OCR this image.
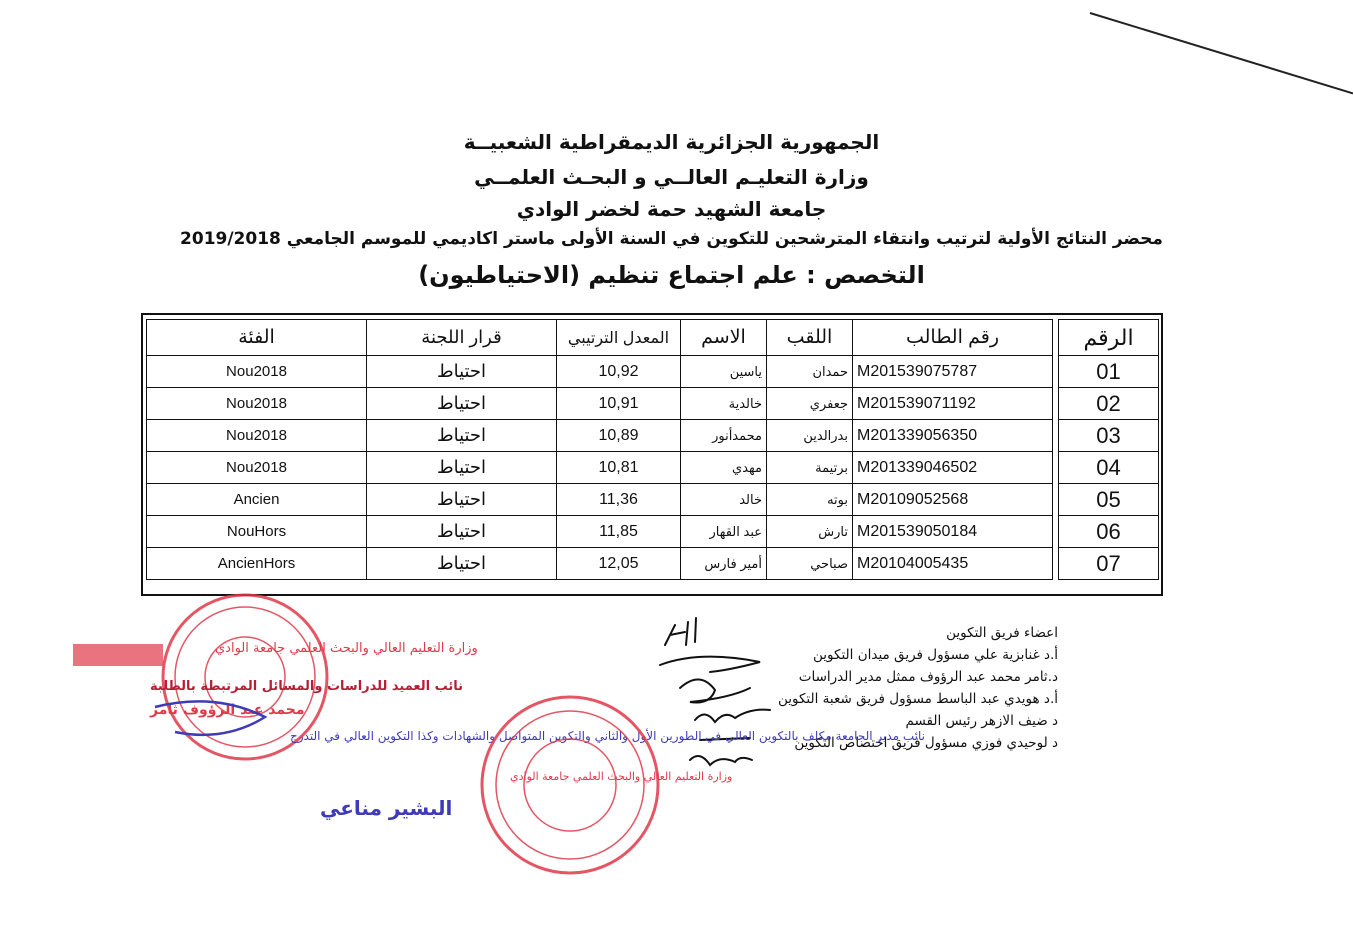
الجمهورية الجزائرية الديمقراطية الشعبيــة
وزارة التعليـم العالــي و البحـث العلمــي
جامعة الشهيد حمة لخضر الوادي
محضر النتائج الأولية لترتيب وانتقاء المترشحين للتكوين في السنة الأولى ماستر اكاديمي للموسم الجامعي 2019/2018
التخصص : علم اجتماع تنظيم (الاحتياطيون)
الفئة	قرار اللجنة	المعدل الترتيبي	الاسم	اللقب	رقم الطالب		الرقم
Nou2018	احتياط	10,92	ياسين	حمدان	M201539075787		01
Nou2018	احتياط	10,91	خالدية	جعفري	M201539071192		02
Nou2018	احتياط	10,89	محمدأنور	بدرالدين	M201339056350		03
Nou2018	احتياط	10,81	مهدي	برتيمة	M201339046502		04
Ancien	احتياط	11,36	خالد	بوته	M20109052568		05
NouHors	احتياط	11,85	عبد القهار	تارش	M201539050184		06
AncienHors	احتياط	12,05	أمير فارس	صباحي	M20104005435		07
اعضاء فريق التكوين
أ.د غنابزية علي مسؤول فريق ميدان التكوين
د.ثامر محمد عبد الرؤوف ممثل مدير الدراسات
أ.د هويدي عبد الباسط مسؤول فريق شعبة التكوين
د ضيف الازهر رئيس القسم
د لوحيدي فوزي مسؤول فريق اختصاص التكوين
وزارة التعليم العالي والبحث العلمي جامعة الوادي
نائب العميد للدراسات والمسائل المرتبطة بالطلبة
محمد عبد الرؤوف ثامر
نائب مدير الجامعة مكلف بالتكوين العالي في الطورين الأول والثاني والتكوين المتواصل والشهادات وكذا التكوين العالي في التدرج
البشير مناعي
وزارة التعليم العالي والبحث العلمي جامعة الوادي
